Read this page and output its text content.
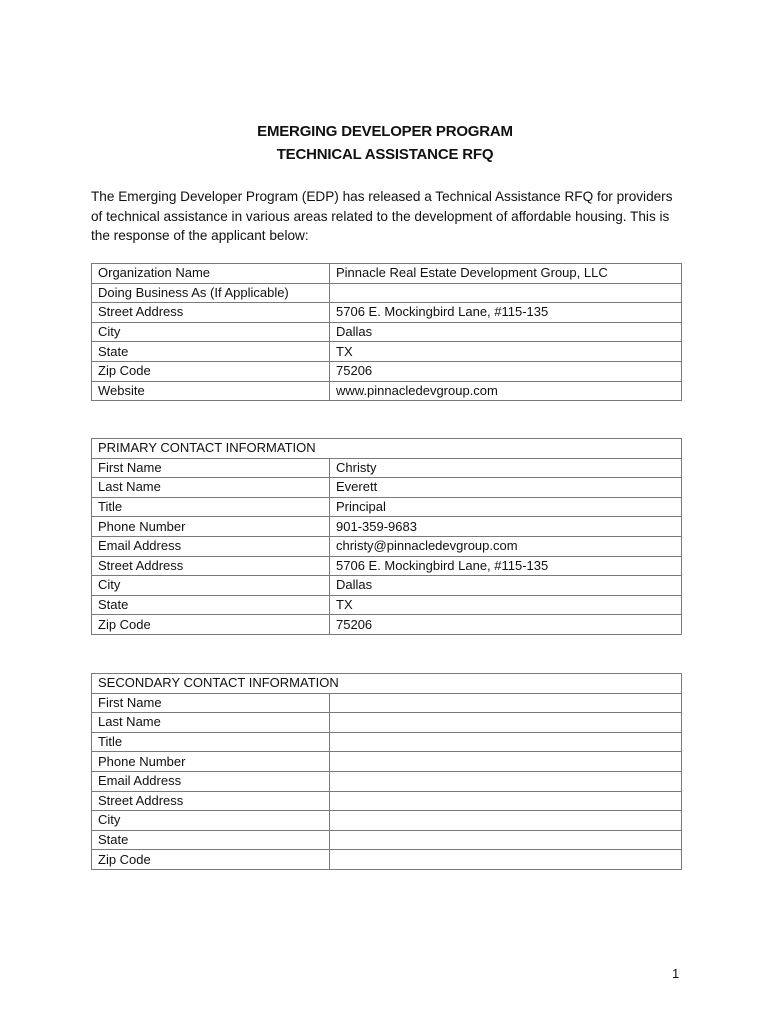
EMERGING DEVELOPER PROGRAM
TECHNICAL ASSISTANCE RFQ
The Emerging Developer Program (EDP) has released a Technical Assistance RFQ for providers of technical assistance in various areas related to the development of affordable housing. This is the response of the applicant below:
Organization Name	Pinnacle Real Estate Development Group, LLC
Doing Business As (If Applicable)	
Street Address	5706 E. Mockingbird Lane, #115-135
City	Dallas
State	TX
Zip Code	75206
Website	www.pinnacledevgroup.com
PRIMARY CONTACT INFORMATION	
First Name	Christy
Last Name	Everett
Title	Principal
Phone Number	901-359-9683
Email Address	christy@pinnacledevgroup.com
Street Address	5706 E. Mockingbird Lane, #115-135
City	Dallas
State	TX
Zip Code	75206
SECONDARY CONTACT INFORMATION	
First Name	
Last Name	
Title	
Phone Number	
Email Address	
Street Address	
City	
State	
Zip Code	
1
